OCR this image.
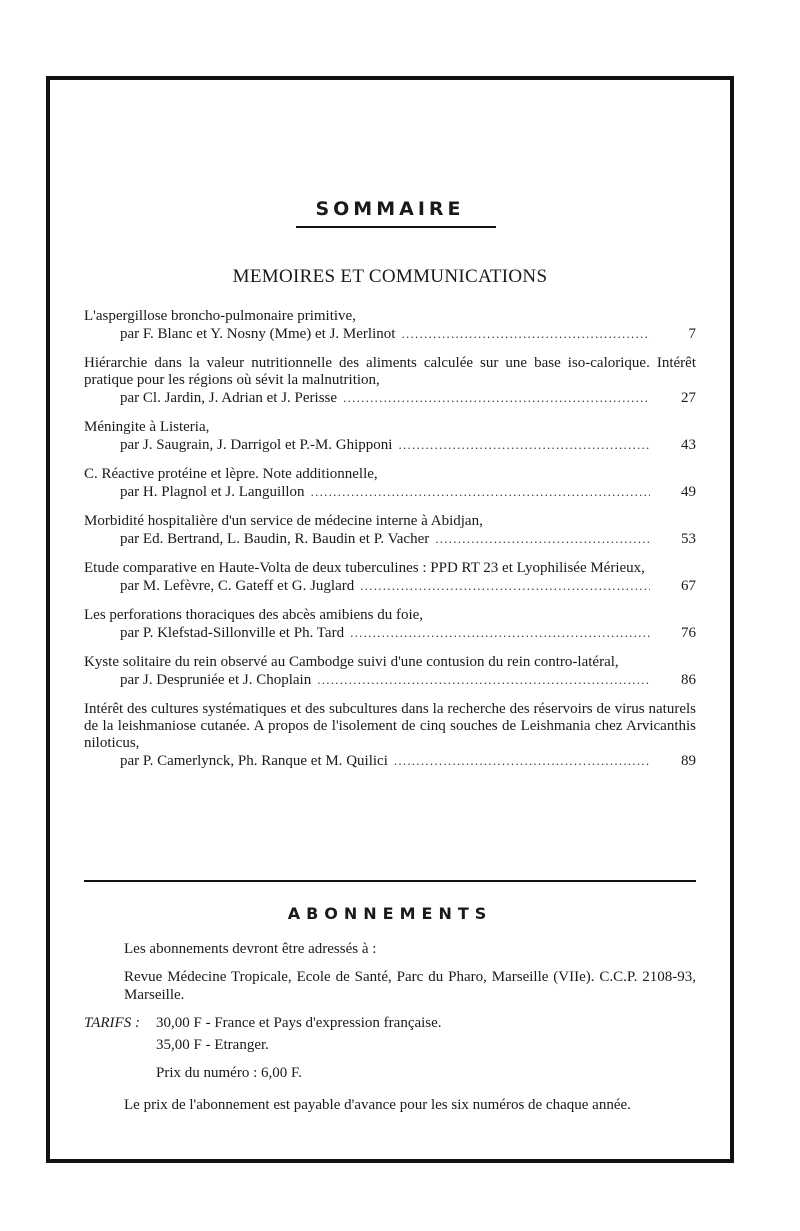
SOMMAIRE
MEMOIRES ET COMMUNICATIONS
L'aspergillose broncho-pulmonaire primitive,
par F. Blanc et Y. Nosny (Mme) et J. Merlinot . . .	7
Hiérarchie dans la valeur nutritionnelle des aliments calculée sur une base iso-calorique. Intérêt pratique pour les régions où sévit la malnutrition,
par Cl. Jardin, J. Adrian et J. Perisse . . .	27
Méningite à Listeria,
par J. Saugrain, J. Darrigol et P.-M. Ghipponi . . .	43
C. Réactive protéine et lèpre. Note additionnelle,
par H. Plagnol et J. Languillon . . .	49
Morbidité hospitalière d'un service de médecine interne à Abidjan,
par Ed. Bertrand, L. Baudin, R. Baudin et P. Vacher . . .	53
Etude comparative en Haute-Volta de deux tuberculines : PPD RT 23 et Lyophilisée Mérieux,
par M. Lefèvre, C. Gateff et G. Juglard . . .	67
Les perforations thoraciques des abcès amibiens du foie,
par P. Klefstad-Sillonville et Ph. Tard . . .	76
Kyste solitaire du rein observé au Cambodge suivi d'une contusion du rein contro-latéral,
par J. Despruniée et J. Choplain . . .	86
Intérêt des cultures systématiques et des subcultures dans la recherche des réservoirs de virus naturels de la leishmaniose cutanée. A propos de l'isolement de cinq souches de Leishmania chez Arvicanthis niloticus,
par P. Camerlynck, Ph. Ranque et M. Quilici . . .	89
ABONNEMENTS

Les abonnements devront être adressés à :

Revue Médecine Tropicale, Ecole de Santé, Parc du Pharo, Marseille (VIIe). C.C.P. 2108-93, Marseille.

TARIFS :	30,00 F - France et Pays d'expression française.

35,00 F - Etranger.

Prix du numéro : 6,00 F.

Le prix de l'abonnement est payable d'avance pour les six numéros de chaque année.
